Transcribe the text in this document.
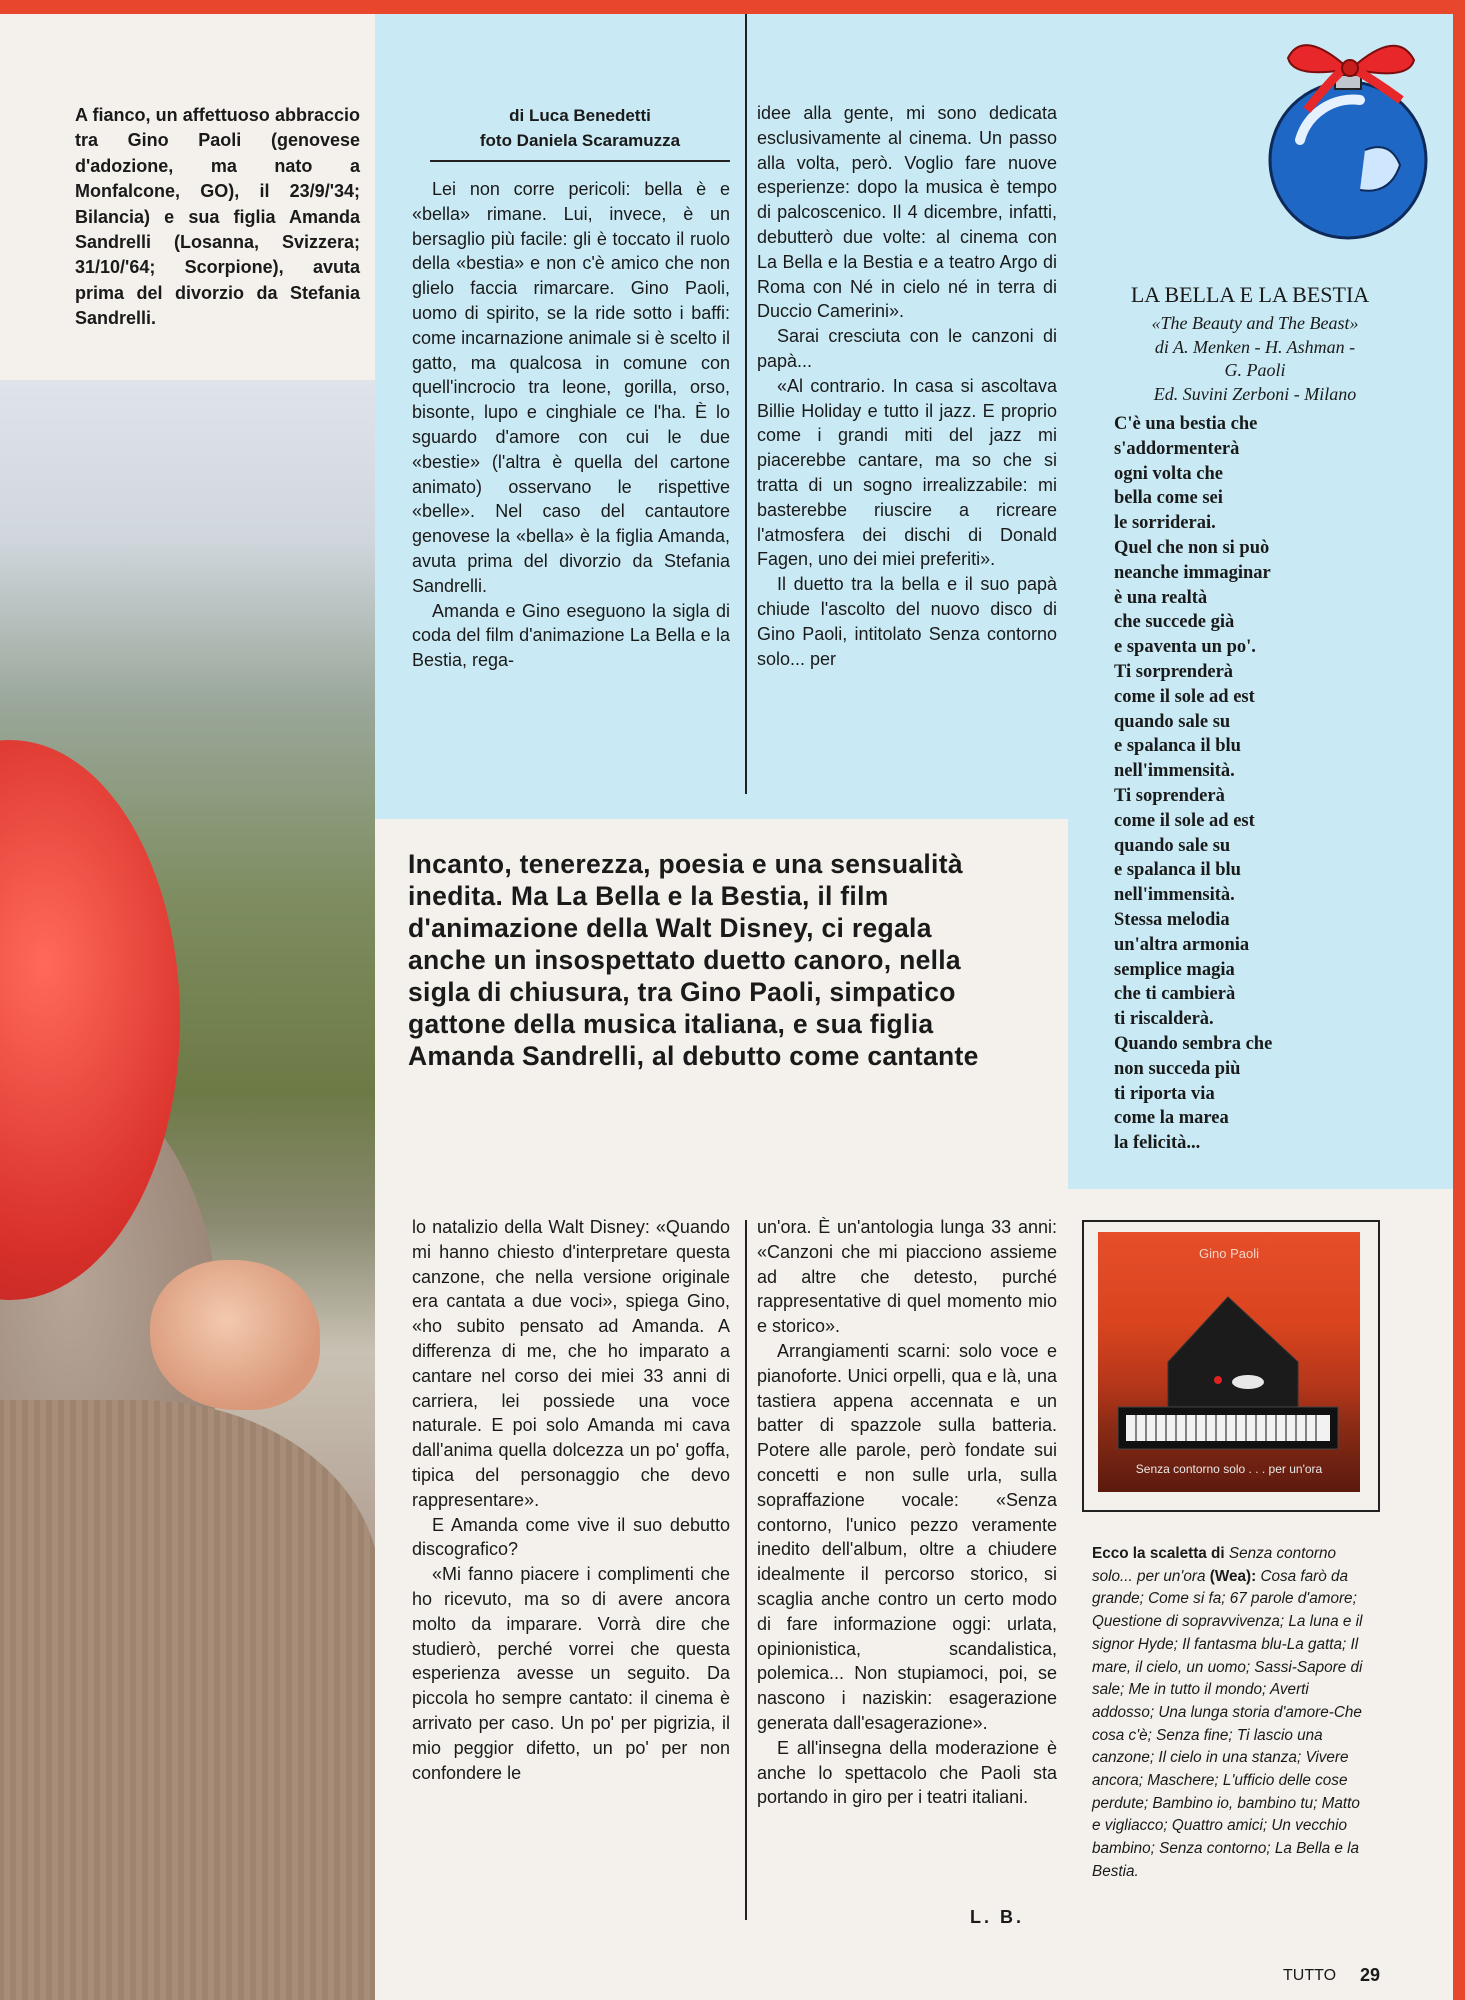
A fianco, un affettuoso abbraccio tra Gino Paoli (genovese d'adozione, ma nato a Monfalcone, GO), il 23/9/'34; Bilancia) e sua figlia Amanda Sandrelli (Losanna, Svizzera; 31/10/'64; Scorpione), avuta prima del divorzio da Stefania Sandrelli.

di Luca Benedetti
foto Daniela Scaramuzza

Lei non corre pericoli: bella è e «bella» rimane. Lui, invece, è un bersaglio più facile: gli è toccato il ruolo della «bestia» e non c'è amico che non glielo faccia rimarcare. Gino Paoli, uomo di spirito, se la ride sotto i baffi: come incarnazione animale si è scelto il gatto, ma qualcosa in comune con quell'incrocio tra leone, gorilla, orso, bisonte, lupo e cinghiale ce l'ha. È lo sguardo d'amore con cui le due «bestie» (l'altra è quella del cartone animato) osservano le rispettive «belle». Nel caso del cantautore genovese la «bella» è la figlia Amanda, avuta prima del divorzio da Stefania Sandrelli.

Amanda e Gino eseguono la sigla di coda del film d'animazione La Bella e la Bestia, rega-

idee alla gente, mi sono dedicata esclusivamente al cinema. Un passo alla volta, però. Voglio fare nuove esperienze: dopo la musica è tempo di palcoscenico. Il 4 dicembre, infatti, debutterò due volte: al cinema con La Bella e la Bestia e a teatro Argo di Roma con Né in cielo né in terra di Duccio Camerini».

Sarai cresciuta con le canzoni di papà...

«Al contrario. In casa si ascoltava Billie Holiday e tutto il jazz. E proprio come i grandi miti del jazz mi piacerebbe cantare, ma so che si tratta di un sogno irrealizzabile: mi basterebbe riuscire a ricreare l'atmosfera dei dischi di Donald Fagen, uno dei miei preferiti».

Il duetto tra la bella e il suo papà chiude l'ascolto del nuovo disco di Gino Paoli, intitolato Senza contorno solo... per

Incanto, tenerezza, poesia e una sensualità inedita. Ma La Bella e la Bestia, il film d'animazione della Walt Disney, ci regala anche un insospettato duetto canoro, nella sigla di chiusura, tra Gino Paoli, simpatico gattone della musica italiana, e sua figlia Amanda Sandrelli, al debutto come cantante

lo natalizio della Walt Disney: «Quando mi hanno chiesto d'interpretare questa canzone, che nella versione originale era cantata a due voci», spiega Gino, «ho subito pensato ad Amanda. A differenza di me, che ho imparato a cantare nel corso dei miei 33 anni di carriera, lei possiede una voce naturale. E poi solo Amanda mi cava dall'anima quella dolcezza un po' goffa, tipica del personaggio che devo rappresentare».

E Amanda come vive il suo debutto discografico?

«Mi fanno piacere i complimenti che ho ricevuto, ma so di avere ancora molto da imparare. Vorrà dire che studierò, perché vorrei che questa esperienza avesse un seguito. Da piccola ho sempre cantato: il cinema è arrivato per caso. Un po' per pigrizia, il mio peggior difetto, un po' per non confondere le

un'ora. È un'antologia lunga 33 anni: «Canzoni che mi piacciono assieme ad altre che detesto, purché rappresentative di quel momento mio e storico».

Arrangiamenti scarni: solo voce e pianoforte. Unici orpelli, qua e là, una tastiera appena accennata e un batter di spazzole sulla batteria. Potere alle parole, però fondate sui concetti e non sulle urla, sulla sopraffazione vocale: «Senza contorno, l'unico pezzo veramente inedito dell'album, oltre a chiudere idealmente il percorso storico, si scaglia anche contro un certo modo di fare informazione oggi: urlata, opinionistica, scandalistica, polemica... Non stupiamoci, poi, se nascono i naziskin: esagerazione generata dall'esagerazione».

E all'insegna della moderazione è anche lo spettacolo che Paoli sta portando in giro per i teatri italiani.

L. B.
LA BELLA E LA BESTIA
«The Beauty and The Beast»
di A. Menken - H. Ashman -
G. Paoli
Ed. Suvini Zerboni - Milano
C'è una bestia che
s'addormenterà
ogni volta che
bella come sei
le sorriderai.
Quel che non si può
neanche immaginar
è una realtà
che succede già
e spaventa un po'.
Ti sorprenderà
come il sole ad est
quando sale su
e spalanca il blu
nell'immensità.
Ti soprenderà
come il sole ad est
quando sale su
e spalanca il blu
nell'immensità.
Stessa melodia
un'altra armonia
semplice magia
che ti cambierà
ti riscalderà.
Quando sembra che
non succeda più
ti riporta via
come la marea
la felicità...
Gino Paoli
Senza contorno solo . . . per un'ora
Ecco la scaletta di Senza contorno solo... per un'ora (Wea): Cosa farò da grande; Come si fa; 67 parole d'amore; Questione di sopravvivenza; La luna e il signor Hyde; Il fantasma blu-La gatta; Il mare, il cielo, un uomo; Sassi-Sapore di sale; Me in tutto il mondo; Averti addosso; Una lunga storia d'amore-Che cosa c'è; Senza fine; Ti lascio una canzone; Il cielo in una stanza; Vivere ancora; Maschere; L'ufficio delle cose perdute; Bambino io, bambino tu; Matto e vigliacco; Quattro amici; Un vecchio bambino; Senza contorno; La Bella e la Bestia.
TUTTO 29
